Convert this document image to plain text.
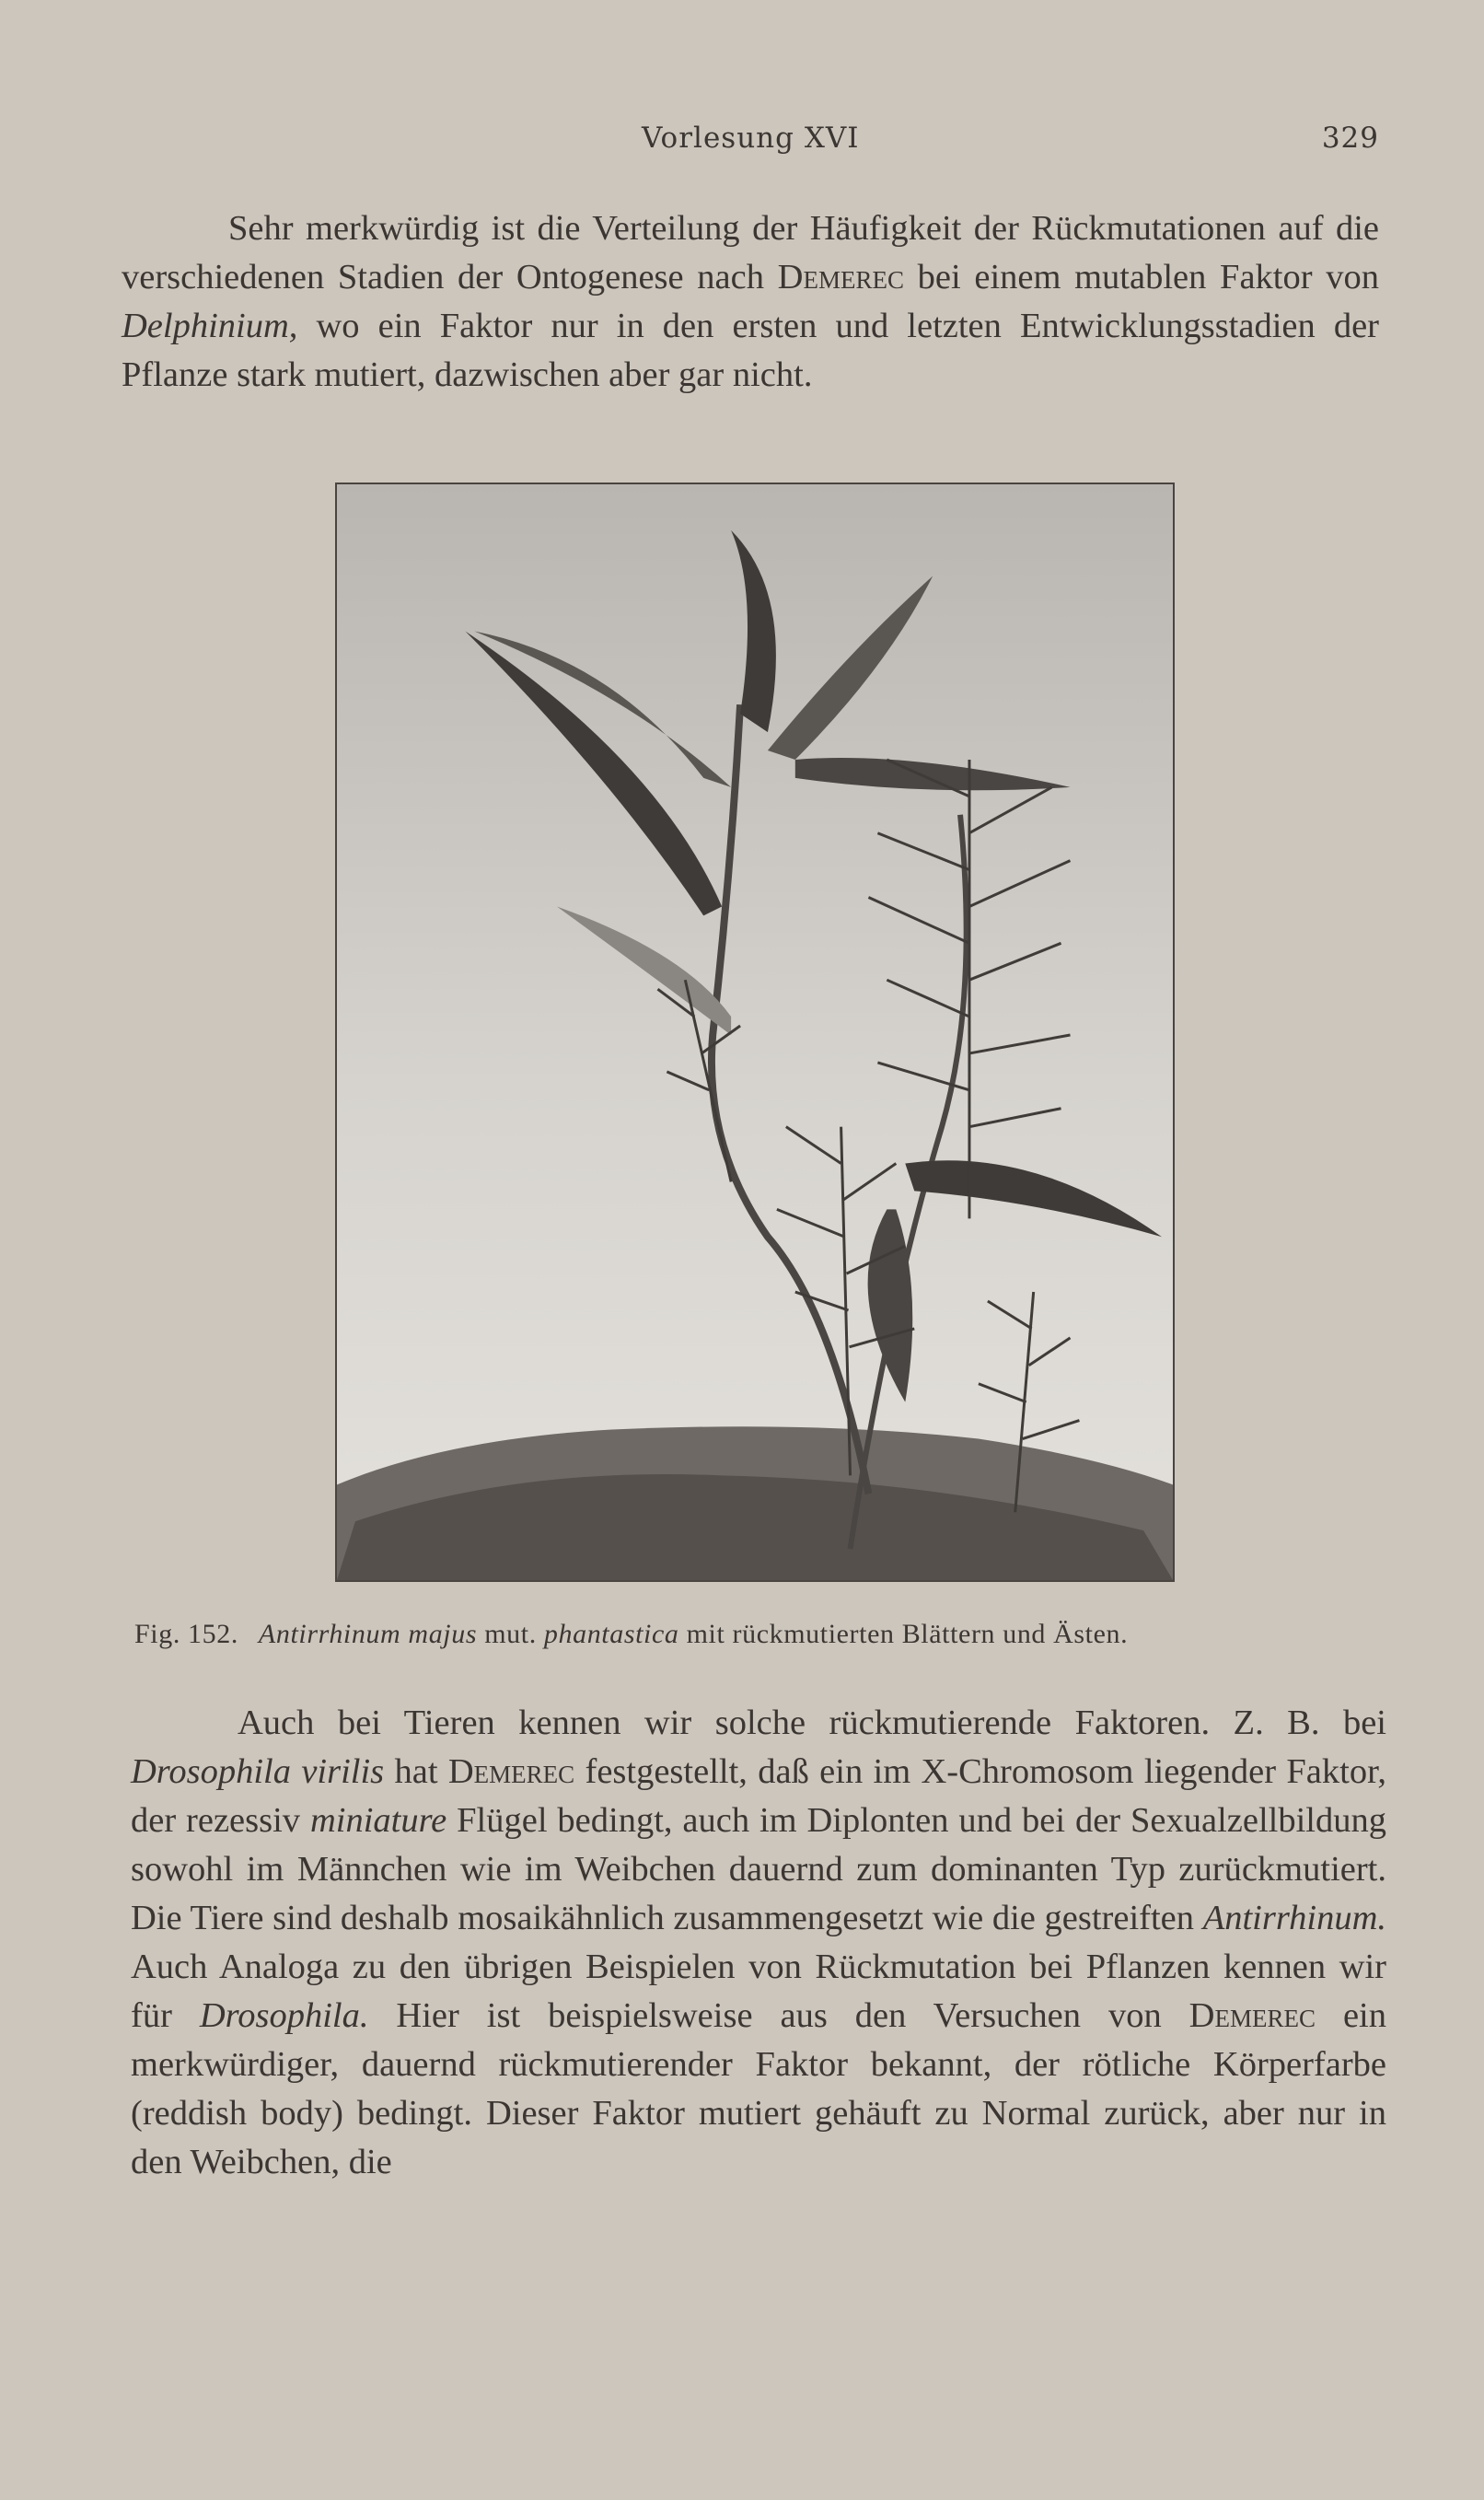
Vorlesung XVI	329

Sehr merkwürdig ist die Verteilung der Häufigkeit der Rückmutationen auf die verschiedenen Stadien der Ontogenese nach Demerec bei einem mutablen Faktor von Delphinium, wo ein Faktor nur in den ersten und letzten Entwicklungsstadien der Pflanze stark mutiert, dazwischen aber gar nicht.

Fig. 152. Antirrhinum majus mut. phantastica mit rückmutierten Blättern und Ästen.

Auch bei Tieren kennen wir solche rückmutierende Faktoren. Z. B. bei Drosophila virilis hat Demerec festgestellt, daß ein im X-Chromosom liegender Faktor, der rezessiv miniature Flügel bedingt, auch im Diplonten und bei der Sexualzellbildung sowohl im Männchen wie im Weibchen dauernd zum dominanten Typ zurückmutiert. Die Tiere sind deshalb mosaikähnlich zusammengesetzt wie die gestreiften Antirrhinum. Auch Analoga zu den übrigen Beispielen von Rückmutation bei Pflanzen kennen wir für Drosophila. Hier ist beispielsweise aus den Versuchen von Demerec ein merkwürdiger, dauernd rückmutierender Faktor bekannt, der rötliche Körperfarbe (reddish body) bedingt. Dieser Faktor mutiert gehäuft zu Normal zurück, aber nur in den Weibchen, die
